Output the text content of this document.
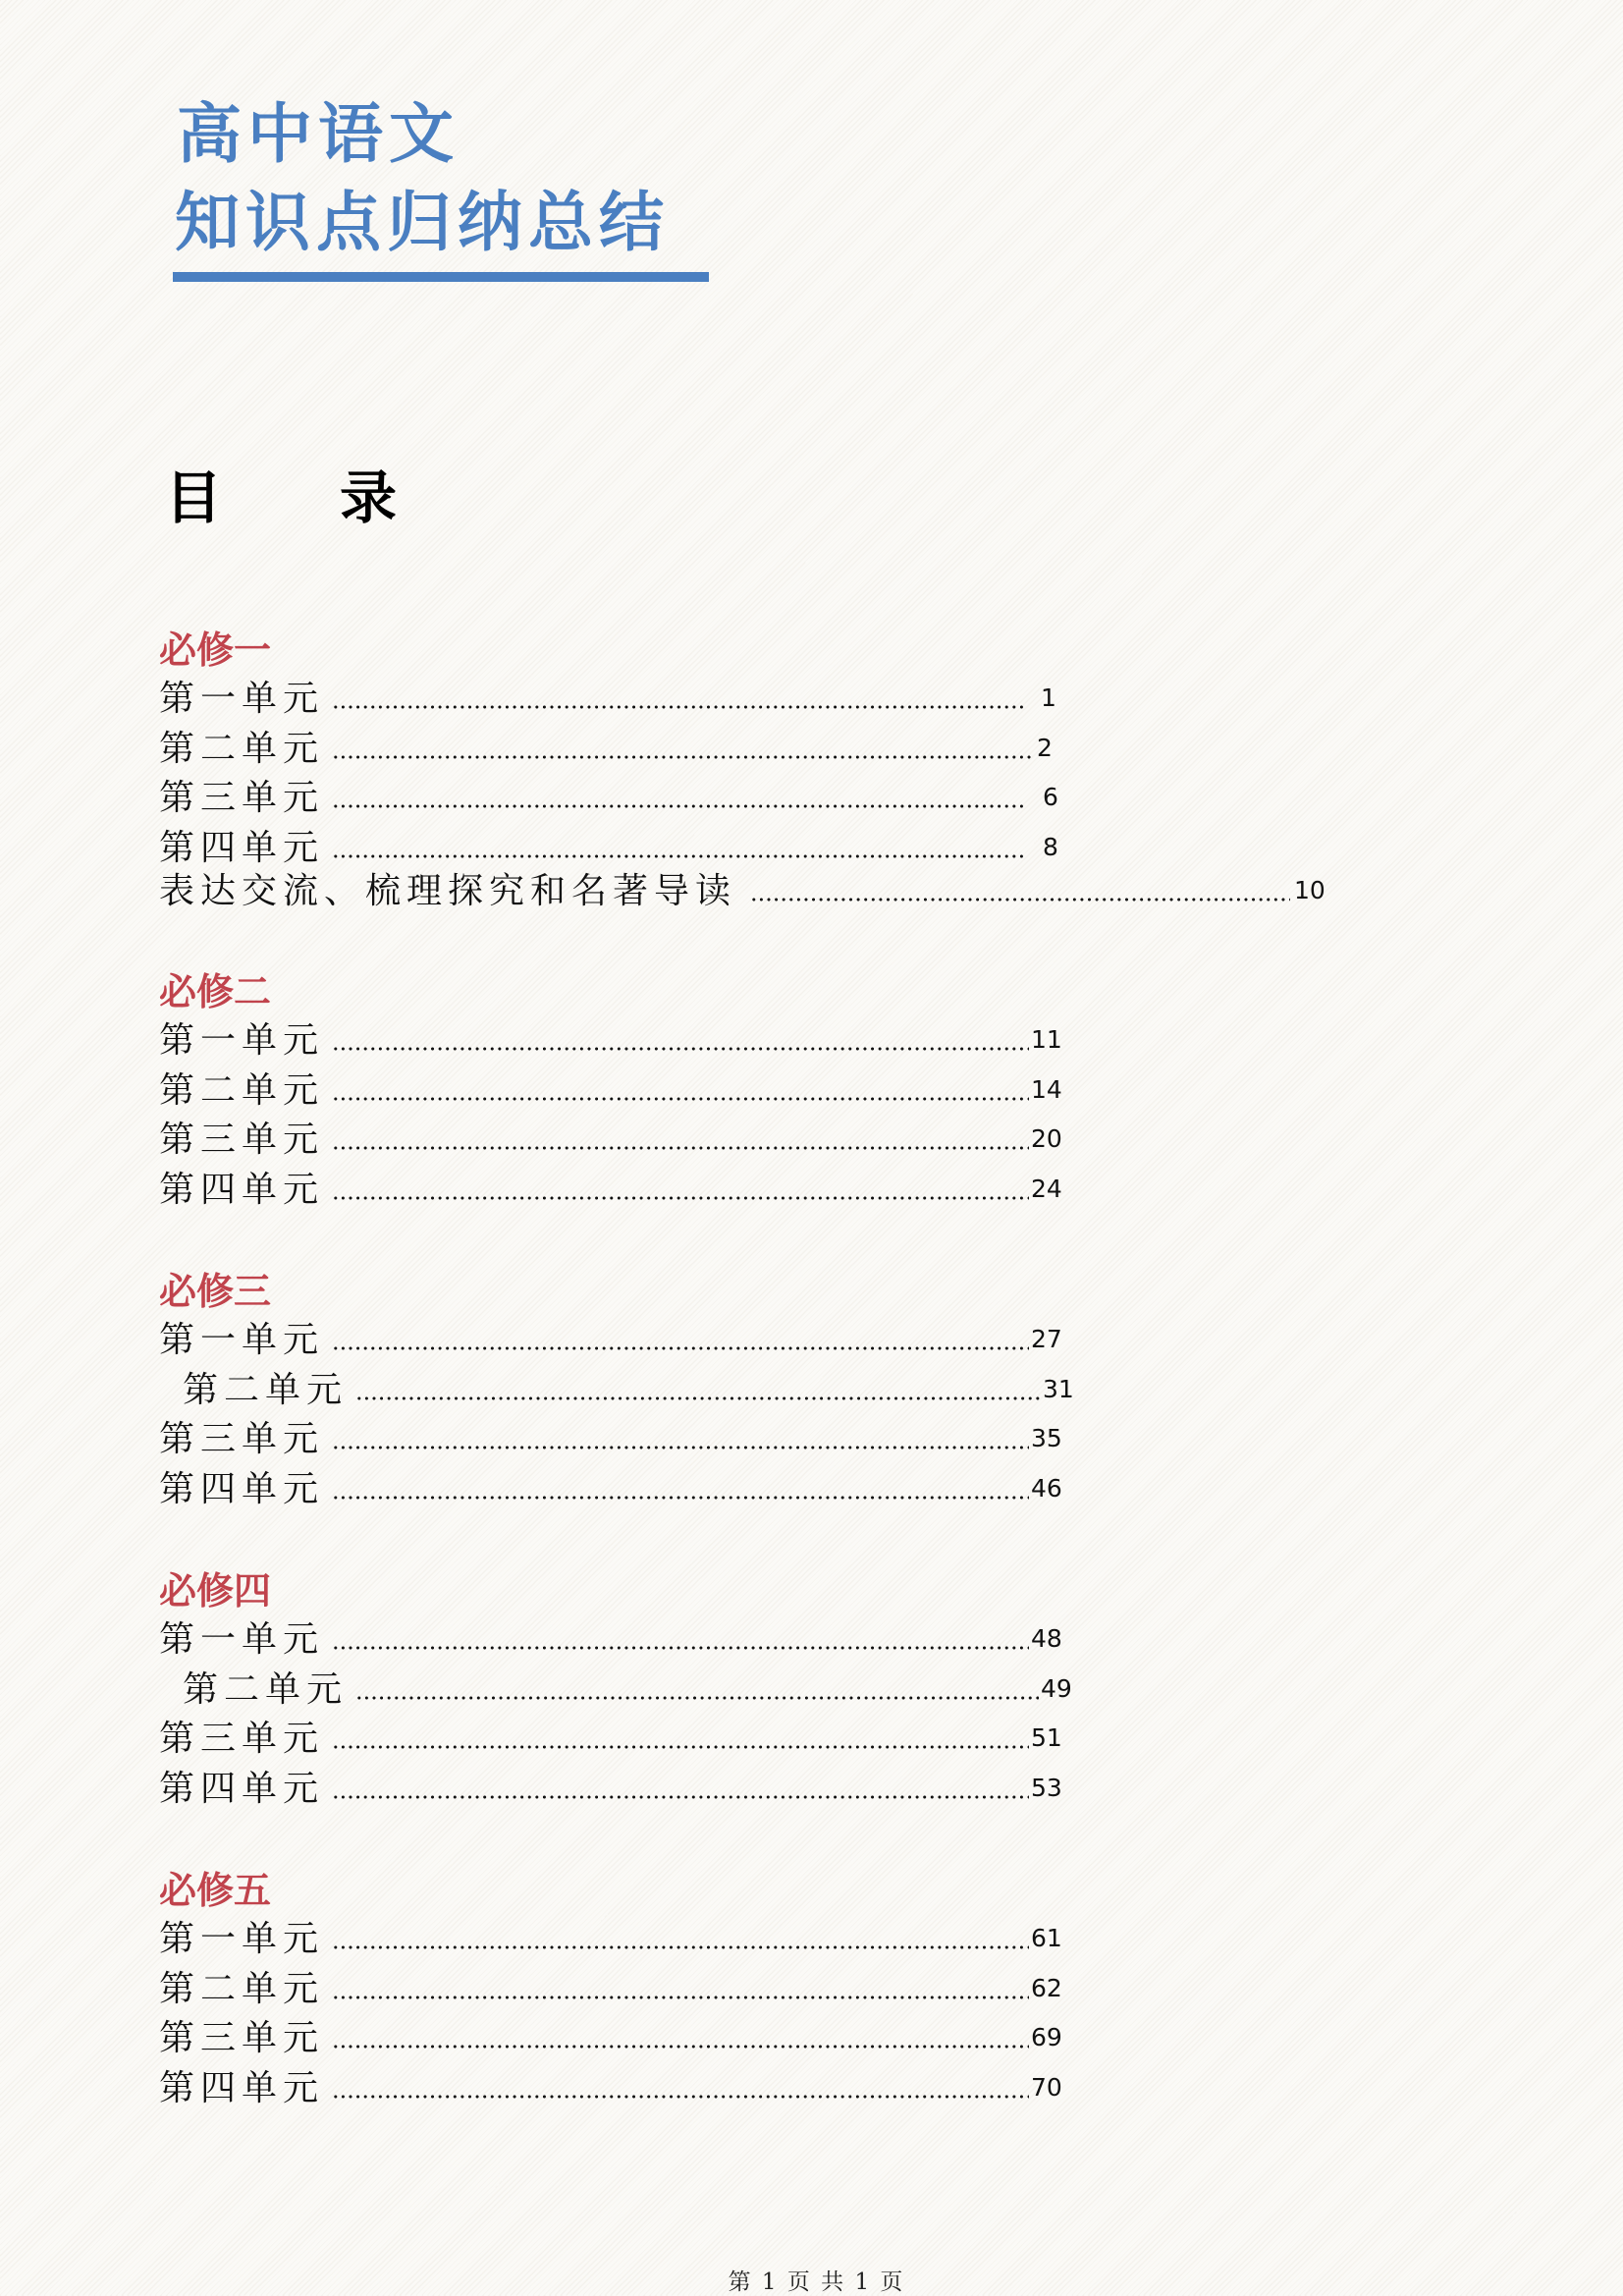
高中语文
知识点归纳总结
目 录
必修一
第一单元	1
第二单元	2
第三单元	6
第四单元	8
表达交流、梳理探究和名著导读	10
必修二
第一单元	11
第二单元	14
第三单元	20
第四单元	24
必修三
第一单元	27
第二单元	31
第三单元	35
第四单元	46
必修四
第一单元	48
第二单元	49
第三单元	51
第四单元	53
必修五
第一单元	61
第二单元	62
第三单元	69
第四单元	70
第 1 页 共 1 页
